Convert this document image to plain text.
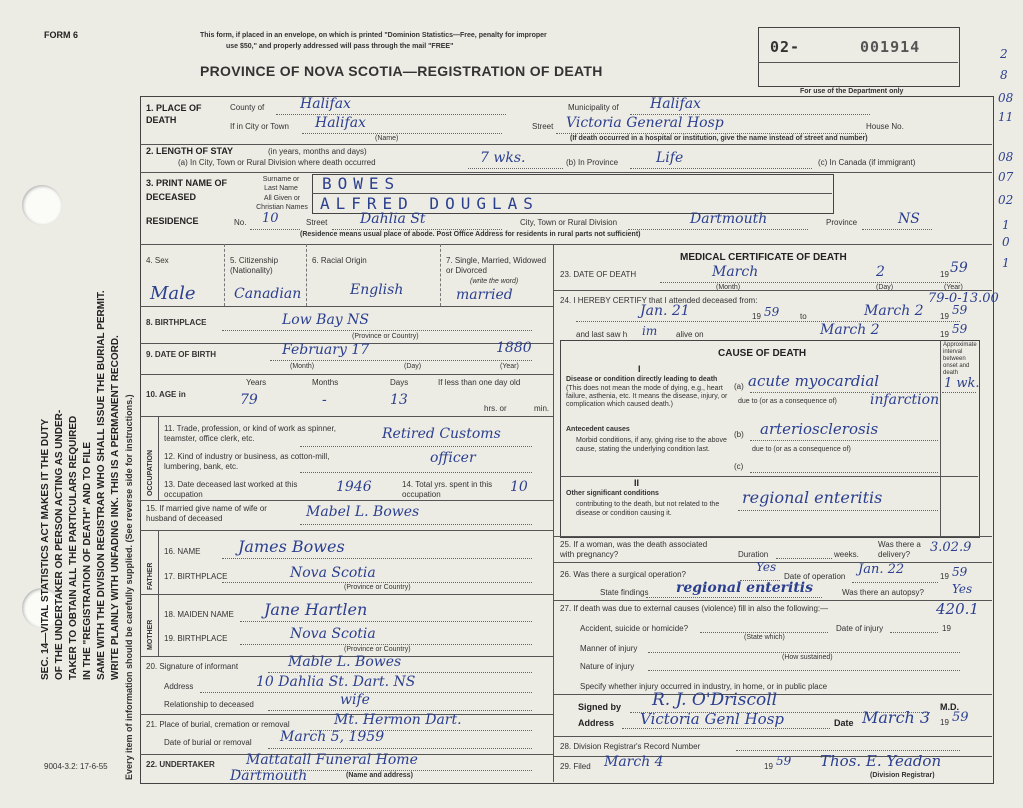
SEC. 14—VITAL STATISTICS ACT MAKES IT THE DUTY OF THE UNDERTAKER OR PERSON ACTING AS UNDER- TAKER TO OBTAIN ALL THE PARTICULARS REQUIRED IN THE "REGISTRATION OF DEATH" AND TO FILE SAME WITH THE DIVISION REGISTRAR WHO SHALL ISSUE THE BURIAL PERMIT. WRITE PLAINLY WITH UNFADING INK. THIS IS A PERMANENT RECORD. Every item of information should be carefully supplied. (See reverse side for instructions.)
FORM 6	This form, if placed in an envelope, on which is printed "Dominion Statistics—Free, penalty for improper
use $50," and properly addressed will pass through the mail "FREE"
PROVINCE OF NOVA SCOTIA—REGISTRATION OF DEATH
02-	001914
For use of the Department only
2
8
08
11
08
07
02
1
0
1
1. PLACE OF DEATH
County of	Halifax	Municipality of Halifax
If in City or Town Halifax
(Name)
Street Victoria General Hosp	House No.
(If death occurred in a hospital or institution, give the name instead of street and number)
2. LENGTH OF STAY	(in years, months and days)
(a) In City, Town or Rural Division where death occurred	7 wks.	(b) In Province	Life	(c) In Canada (if immigrant)
3. PRINT NAME OF DECEASED
Surname or Last Name
All Given or Christian Names
BOWES
ALFRED DOUGLAS
RESIDENCE	No. 10	Street Dahlia St	City, Town or Rural Division	Dartmouth	Province	NS
(Residence means usual place of abode. Post Office Address for residents in rural parts not sufficient)
4. Sex	5. Citizenship (Nationality)
6. Racial Origin	7. Single, Married, Widowed or Divorced
(write the word)
Male	Canadian	English	married
8. BIRTHPLACE	Low Bay NS
(Province or Country)
9. DATE OF BIRTH	February 17	1880
(Month)	(Day)	(Year)
10. AGE in
Years	Months	Days	If less than one day old
79	-	13
hrs. or	min.
OCCUPATION
11. Trade, profession, or kind of work as spinner, teamster, office clerk, etc.	Retired Customs
12. Kind of industry or business, as cotton-mill, lumbering, bank, etc.
officer
13. Date deceased last worked at this occupation	1946	14. Total yrs. spent in this occupation	10
15. If married give name of wife or husband of deceased	Mabel L. Bowes
FATHER
16. NAME James Bowes
17. BIRTHPLACE	Nova Scotia
(Province or Country)
MOTHER
18. MAIDEN NAME Jane Hartlen
19. BIRTHPLACE	Nova Scotia
(Province or Country)
20. Signature of informant	Mable L. Bowes
Address	10 Dahlia St. Dart. NS
Relationship to deceased	wife
21. Place of burial, cremation or removal	Mt. Hermon Dart.
Date of burial or removal March 5, 1959
22. UNDERTAKER Mattatall Funeral Home
Dartmouth	(Name and address)
9004-3.2: 17-6-55
MEDICAL CERTIFICATE OF DEATH
23. DATE OF DEATH	March	2	19 59
(Month)	(Day)	(Year)
24. I HEREBY CERTIFY that I attended deceased from:	79-0-13.00
Jan. 21	19 59	to	March 2 19 59
and last saw h im alive on	March 2	19 59
CAUSE OF DEATH
Approximate interval between onset and death
I
Disease or condition directly leading to death
(This does not mean the mode of dying, e.g., heart failure, asthenia, etc. It means the disease, injury, or complication which caused death.)
Antecedent causes
Morbid conditions, if any, giving rise to the above cause, stating the underlying condition last.
(a) acute myocardial
due to (or as a consequence of) infarction
1 wk.
(b) arteriosclerosis
due to (or as a consequence of)
(c)
II
Other significant conditions
contributing to the death, but not related to the disease or condition causing it.
regional enteritis
25. If a woman, was the death associated with pregnancy?	Duration	weeks.
Was there a delivery?	3.02.9
26. Was there a surgical operation?
Yes
Date of operation Jan. 22	19 59
State findings regional enteritis	Was there an autopsy? Yes
27. If death was due to external causes (violence) fill in also the following:—	420.1
Accident, suicide or homicide?
(State which)
Date of injury	19
Manner of injury
(How sustained)
Nature of injury
Specify whether injury occurred in industry, in home, or in public place
Signed by R. J. O'Driscoll	M.D.
Address Victoria Genl Hosp	Date March 3 19 59
28. Division Registrar's Record Number
29. Filed March 4	19 59 Thos. E. Yeadon
(Division Registrar)
